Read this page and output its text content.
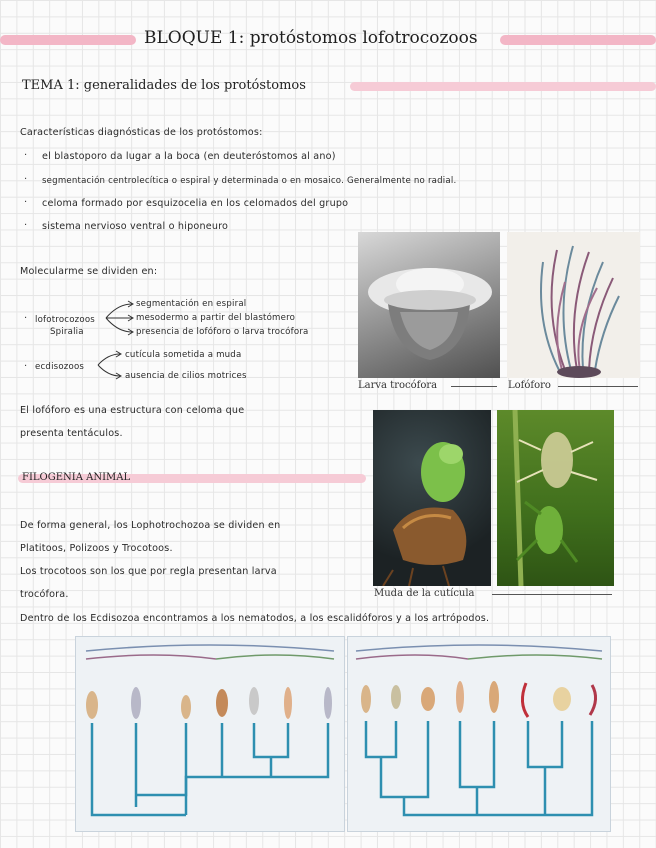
BLOQUE 1: protóstomos lofotrocozoos
TEMA 1: generalidades de los protóstomos
Características diagnósticas de los protóstomos:
· el blastoporo da lugar a la boca (en deuteróstomos al ano)
· segmentación centrolecítica o espiral y determinada o en mosaico. Generalmente no radial.
· celoma formado por esquizocelia en los celomados del grupo
· sistema nervioso ventral o hiponeuro
Molecularme se dividen en:
· lofotrocozoos
Spiralia
segmentación en espiral
mesodermo a partir del blastómero
presencia de lofóforo o larva trocófora
· ecdisozoos
cutícula sometida a muda
ausencia de cilios motrices
El lofóforo es una estructura con celoma que
presenta tentáculos.
Larva trocófora	Lofóforo
Muda de la cutícula
FILOGENIA ANIMAL
De forma general, los Lophotrochozoa se dividen en
Platitoos, Polizoos y Trocotoos.
Los trocotoos son los que por regla presentan larva
trocófora.
Dentro de los Ecdisozoa encontramos a los nematodos, a los escalidóforos y a los artrópodos.
